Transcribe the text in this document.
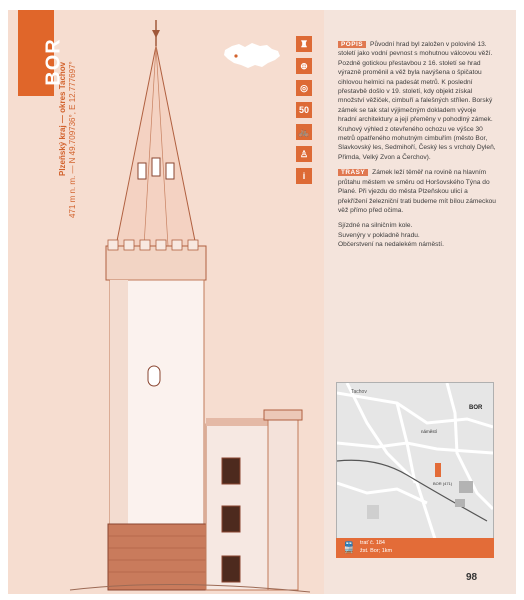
BOR
Plzeňský kraj — okres Tachov 471 m n. m. — N 49.709736°, E 12.777697°
♜
⊕
◎
50
🚲
♙
i

POPIS Původní hrad byl založen v polovině 13. století jako vodní pevnost s mohutnou válcovou věží. Pozdně gotickou přestavbou z 16. století se hrad výrazně proměnil a věž byla navýšena o špičatou cihlovou helmici na padesát metrů. K poslední přestavbě došlo v 19. století, kdy objekt získal množství věžiček, cimbuří a falešných střílen. Borský zámek se tak stal výjimečným dokladem vývoje hradní architektury a její přeměny v pohodlný zámek. Kruhový výhled z otevřeného ochozu ve výšce 30 metrů opatřeného mohutným cimbuřím (město Bor, Slavkovský les, Sedmihoří, Český les s vrcholy Dyleň, Přimda, Velký Zvon a Čerchov).

TRASY Zámek leží těměř na rovině na hlavním průtahu městem ve směru od Horšovského Týna do Plané. Při vjezdu do města Plzeňskou ulicí a překřížení železniční trati budeme mít bílou zámeckou věž přímo před očima.

Sjízdné na silničním kole.
Suvenýry v pokladně hradu.
Občerstvení na nedalekém náměstí.
Tachov
BOR
náměstí
BOR (471)
🚆 trať č. 184
žst. Bor; 1km
98
